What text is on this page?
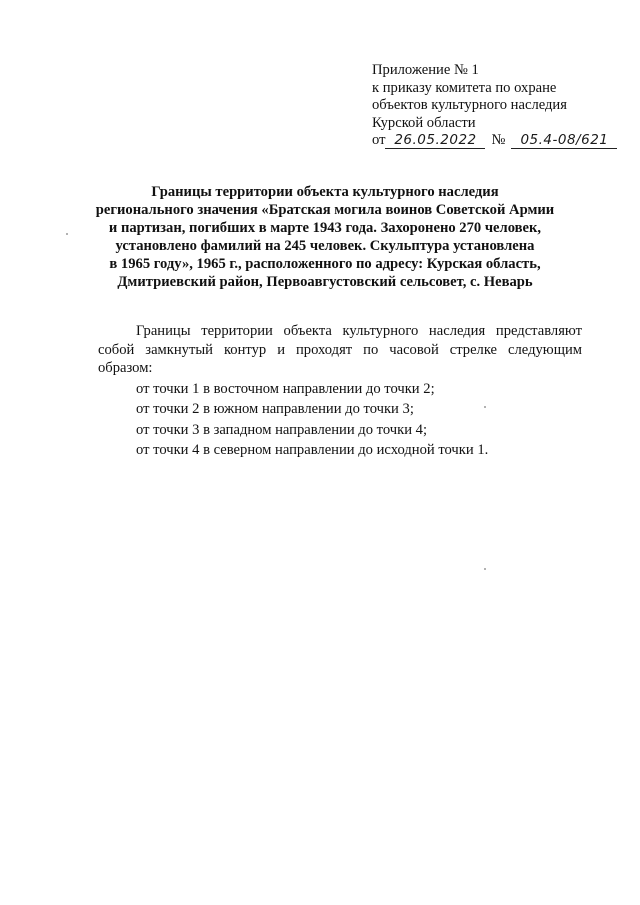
Приложение № 1
к приказу комитета по охране
объектов культурного наследия
Курской области
от 26.05.2022	№	05.4-08/621
Границы территории объекта культурного наследия
регионального значения «Братская могила воинов Советской Армии
и партизан, погибших в марте 1943 года. Захоронено 270 человек,
установлено фамилий на 245 человек. Скульптура установлена
в 1965 году», 1965 г., расположенного по адресу: Курская область,
Дмитриевский район, Первоавгустовский сельсовет, с. Неварь
Границы территории объекта культурного наследия представляют собой замкнутый контур и проходят по часовой стрелке следующим образом:
от точки 1 в восточном направлении до точки 2;
от точки 2 в южном направлении до точки 3;
от точки 3 в западном направлении до точки 4;
от точки 4 в северном направлении до исходной точки 1.
